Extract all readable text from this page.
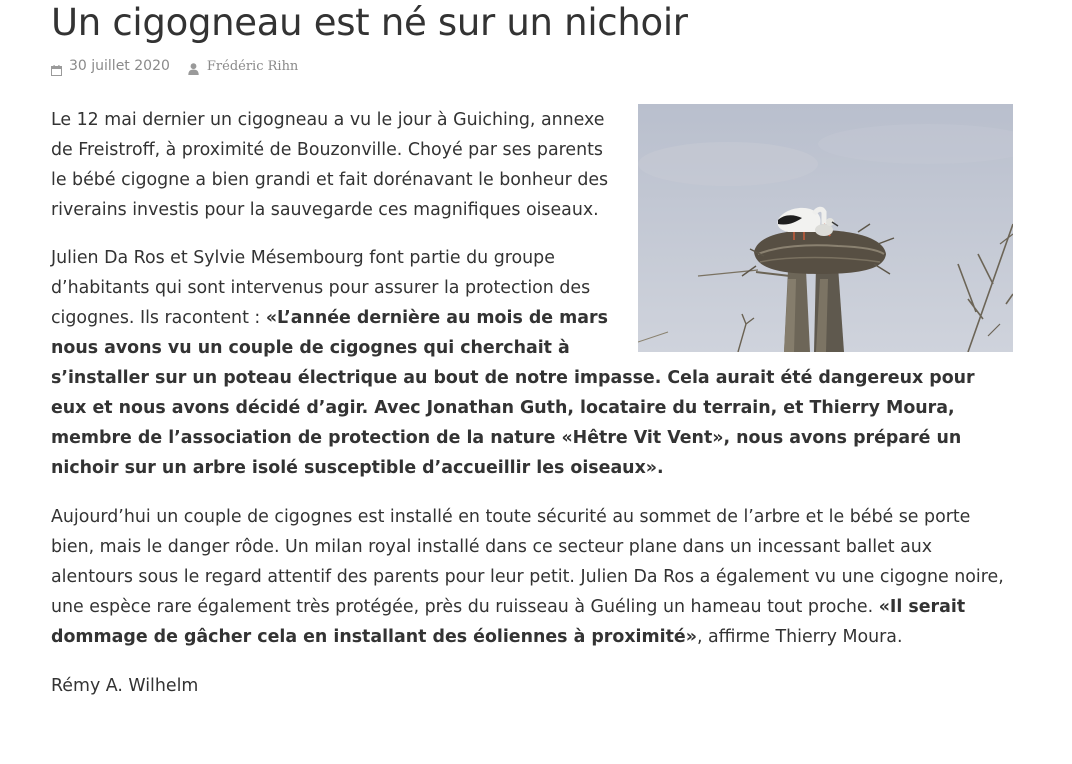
Un cigogneau est né sur un nichoir
30 juillet 2020	Frédéric Rihn

Le 12 mai dernier un cigogneau a vu le jour à Guiching, annexe de Freistroff, à proximité de Bouzonville. Choyé par ses parents le bébé cigogne a bien grandi et fait dorénavant le bonheur des riverains investis pour la sauvegarde ces magnifiques oiseaux.

Julien Da Ros et Sylvie Mésembourg font partie du groupe d’habitants qui sont intervenus pour assurer la protection des cigognes. Ils racontent : «L’année dernière au mois de mars nous avons vu un couple de cigognes qui cherchait à s’installer sur un poteau électrique au bout de notre impasse. Cela aurait été dangereux pour eux et nous avons décidé d’agir. Avec Jonathan Guth, locataire du terrain, et Thierry Moura, membre de l’association de protection de la nature «Hêtre Vit Vent», nous avons préparé un nichoir sur un arbre isolé susceptible d’accueillir les oiseaux».

Aujourd’hui un couple de cigognes est installé en toute sécurité au sommet de l’arbre et le bébé se porte bien, mais le danger rôde. Un milan royal installé dans ce secteur plane dans un incessant ballet aux alentours sous le regard attentif des parents pour leur petit. Julien Da Ros a également vu une cigogne noire, une espèce rare également très protégée, près du ruisseau à Guéling un hameau tout proche. «Il serait dommage de gâcher cela en installant des éoliennes à proximité», affirme Thierry Moura.

Rémy A. Wilhelm
